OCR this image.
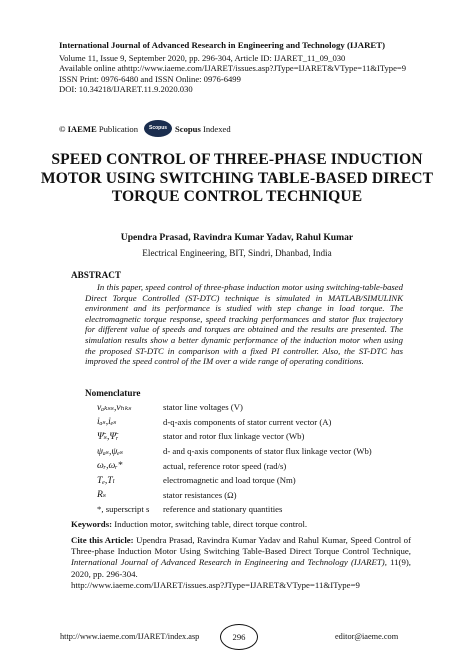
International Journal of Advanced Research in Engineering and Technology (IJARET)
Volume 11, Issue 9, September 2020, pp. 296-304, Article ID: IJARET_11_09_030
Available online athttp://www.iaeme.com/IJARET/issues.asp?JType=IJARET&VType=11&IType=9
ISSN Print: 0976-6480 and ISSN Online: 0976-6499
DOI: 10.34218/IJARET.11.9.2020.030
© IAEME
Publication	Scopus Scopus
Indexed
SPEED CONTROL OF THREE-PHASE INDUCTION MOTOR USING SWITCHING TABLE-BASED DIRECT TORQUE CONTROL TECHNIQUE
Upendra Prasad, Ravindra Kumar Yadav, Rahul Kumar
Electrical Engineering, BIT, Sindri, Dhanbad, India
ABSTRACT
In this paper, speed control of three-phase induction motor using switching-table-based Direct Torque Controlled (ST-DTC) technique is simulated in MATLAB/SIMULINK environment and its performance is studied with step change in load torque. The electromagnetic torque response, speed tracking performances and stator flux trajectory for different value of speeds and torques are obtained and the results are presented. The simulation results show a better dynamic performance of the induction motor when using the proposed ST-DTC in comparison with a fixed PI controller. Also, the ST-DTC has improved the speed control of the IM over a wide range of operating conditions.
Nomenclature
vₐₖₛₛ,vₕₖₛ	stator line voltages (V)
iₐₛ,iₑₛ	d-q-axis components of stator current vector (A)
Ψ̄ₛ,Ψ̄ᵣ	stator and rotor flux linkage vector (Wb)
ψₐₛ,ψₑₛ	d- and q-axis components of stator flux linkage vector (Wb)
ωᵣ,ωᵣ*	actual, reference rotor speed (rad/s)
Tₑ,Tₗ	electromagnetic and load torque (Nm)
Rₛ	stator resistances (Ω)
*, superscript s	reference and stationary quantities
Keywords: Induction motor, switching table, direct torque control.
Cite this Article: Upendra Prasad, Ravindra Kumar Yadav and Rahul Kumar, Speed Control of Three-phase Induction Motor Using Switching Table-Based Direct Torque Control Technique, International Journal of Advanced Research in Engineering and Technology (IJARET), 11(9), 2020, pp. 296-304.
http://www.iaeme.com/IJARET/issues.asp?JType=IJARET&VType=11&IType=9
http://www.iaeme.com/IJARET/index.asp	296	editor@iaeme.com
